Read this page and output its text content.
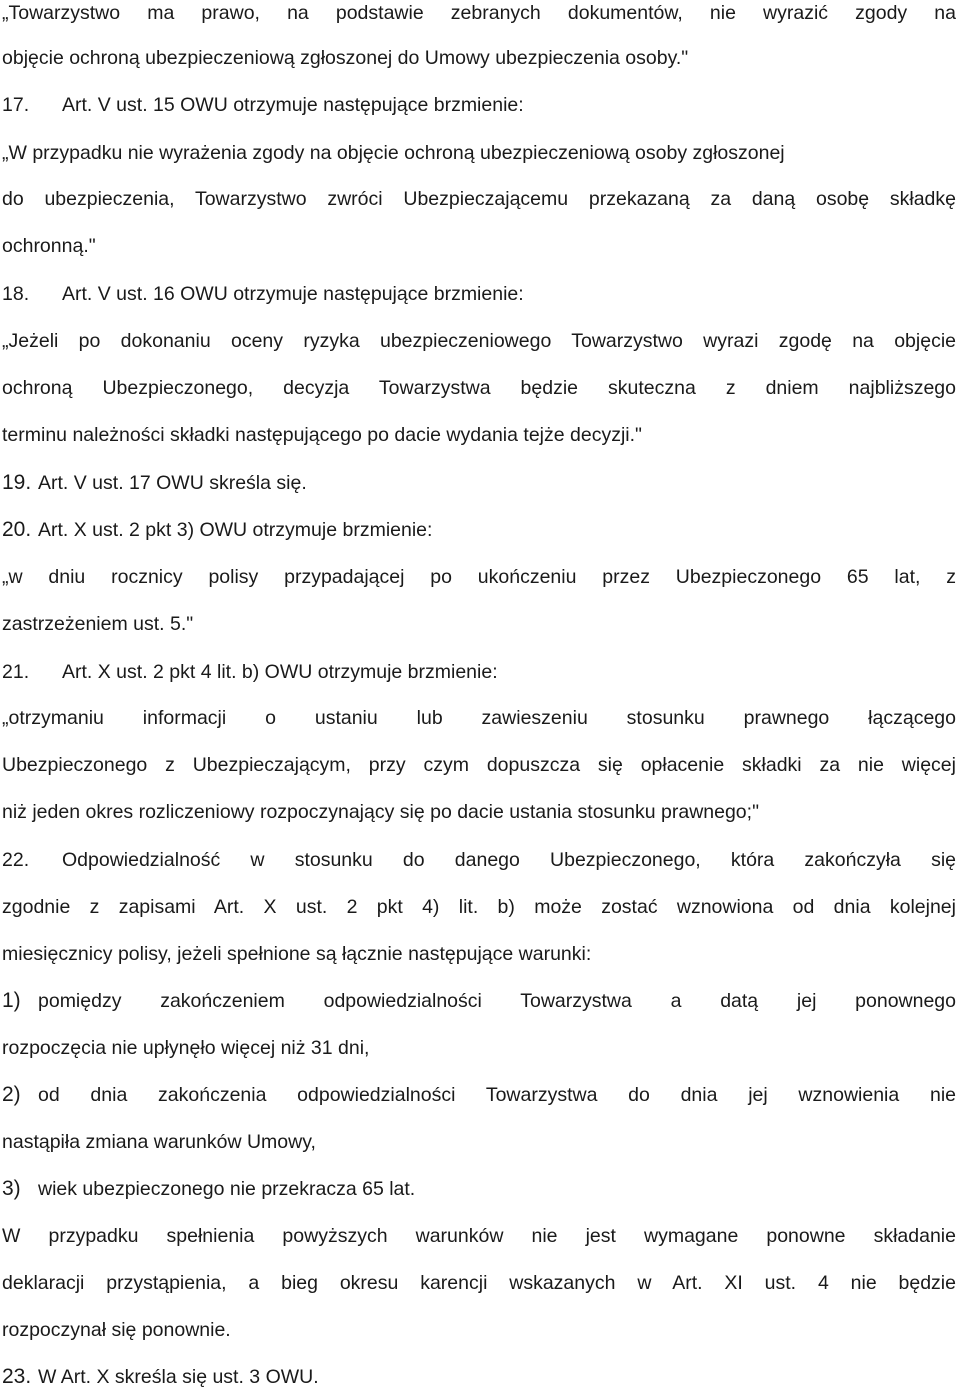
„Towarzystwo ma prawo, na podstawie zebranych dokumentów, nie wyrazić zgody na
objęcie ochroną ubezpieczeniową zgłoszonej do Umowy ubezpieczenia osoby."
17. Art. V ust. 15 OWU otrzymuje następujące brzmienie:
„W przypadku nie wyrażenia zgody na objęcie ochroną ubezpieczeniową osoby zgłoszonej
do ubezpieczenia, Towarzystwo zwróci Ubezpieczającemu przekazaną za daną osobę składkę
ochronną."
18. Art. V ust. 16 OWU otrzymuje następujące brzmienie:
„Jeżeli po dokonaniu oceny ryzyka ubezpieczeniowego Towarzystwo wyrazi zgodę na objęcie
ochroną Ubezpieczonego, decyzja Towarzystwa będzie skuteczna z dniem najbliższego
terminu należności składki następującego po dacie wydania tejże decyzji."
19. Art. V ust. 17 OWU skreśla się.
20. Art. X ust. 2 pkt 3) OWU otrzymuje brzmienie:
„w dniu rocznicy polisy przypadającej po ukończeniu przez Ubezpieczonego 65 lat, z
zastrzeżeniem ust. 5."
21. Art. X ust. 2 pkt 4 lit. b) OWU otrzymuje brzmienie:
„otrzymaniu informacji o ustaniu lub zawieszeniu stosunku prawnego łączącego
Ubezpieczonego z Ubezpieczającym, przy czym dopuszcza się opłacenie składki za nie więcej
niż jeden okres rozliczeniowy rozpoczynający się po dacie ustania stosunku prawnego;"
22. Odpowiedzialność w stosunku do danego Ubezpieczonego, która zakończyła się
zgodnie z zapisami Art. X ust. 2 pkt 4) lit. b) może zostać wznowiona od dnia kolejnej
miesięcznicy polisy, jeżeli spełnione są łącznie następujące warunki:
1) pomiędzy zakończeniem odpowiedzialności Towarzystwa a datą jej ponownego
rozpoczęcia nie upłynęło więcej niż 31 dni,
2) od dnia zakończenia odpowiedzialności Towarzystwa do dnia jej wznowienia nie
nastąpiła zmiana warunków Umowy,
3) wiek ubezpieczonego nie przekracza 65 lat.
W przypadku spełnienia powyższych warunków nie jest wymagane ponowne składanie
deklaracji przystąpienia, a bieg okresu karencji wskazanych w Art. XI ust. 4 nie będzie
rozpoczynał się ponownie.
23. W Art. X skreśla się ust. 3 OWU.
